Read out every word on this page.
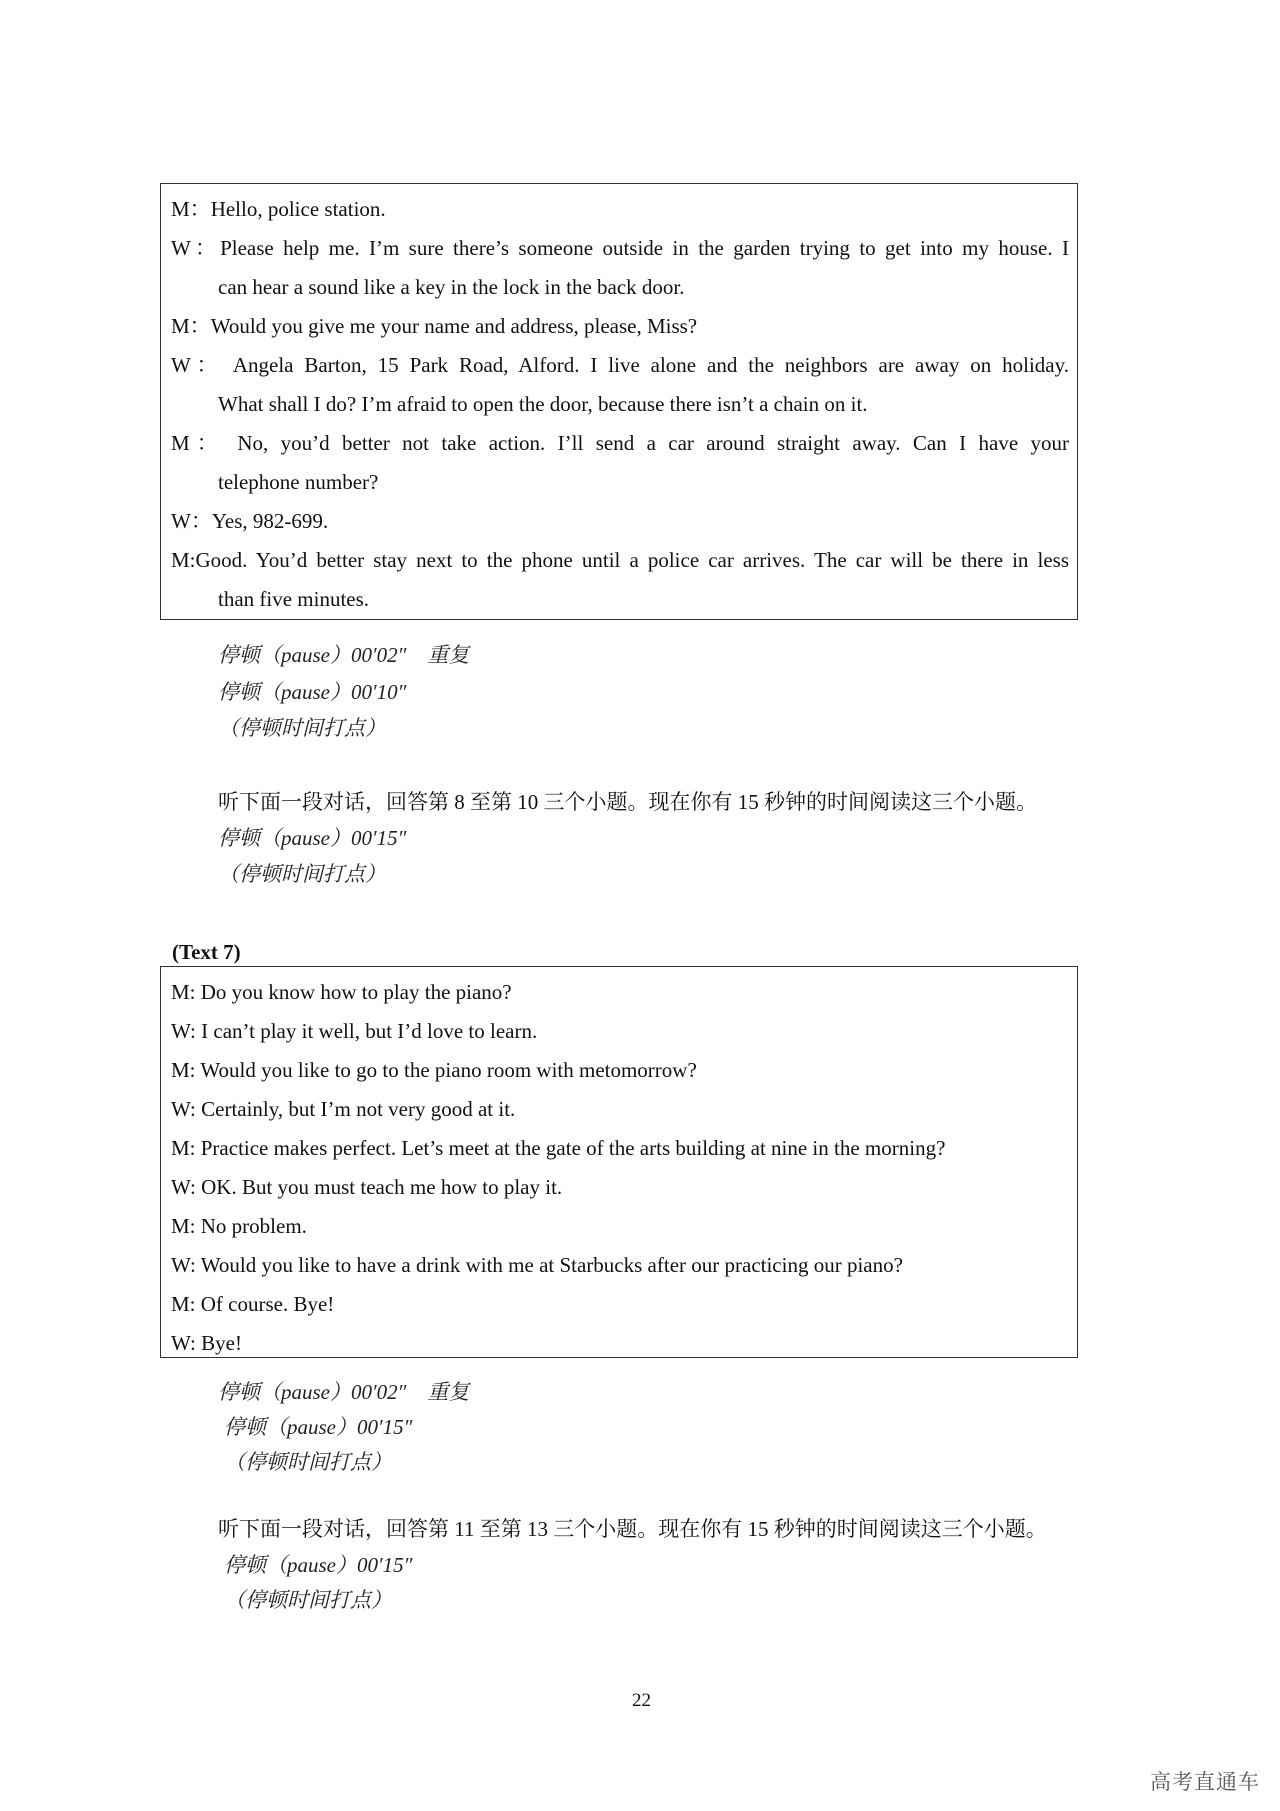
M：Hello, police station.
W：Please help me. I’m sure there’s someone outside in the garden trying to get into my house. I
can hear a sound like a key in the lock in the back door.
M：Would you give me your name and address, please, Miss?
W： Angela Barton, 15 Park Road, Alford. I live alone and the neighbors are away on holiday.
What shall I do? I’m afraid to open the door, because there isn’t a chain on it.
M： No, you’d better not take action. I’ll send a car around straight away. Can I have your
telephone number?
W：Yes, 982-699.
M:Good. You’d better stay next to the phone until a police car arrives. The car will be there in less
than five minutes.
停顿（pause）00′02″　重复
停顿（pause）00′10″
（停顿时间打点）
听下面一段对话，回答第 8 至第 10 三个小题。现在你有 15 秒钟的时间阅读这三个小题。
停顿（pause）00′15″
（停顿时间打点）
(Text 7)
M: Do you know how to play the piano?
W: I can’t play it well, but I’d love to learn.
M: Would you like to go to the piano room with metomorrow?
W: Certainly, but I’m not very good at it.
M: Practice makes perfect. Let’s meet at the gate of the arts building at nine in the morning?
W: OK. But you must teach me how to play it.
M: No problem.
W: Would you like to have a drink with me at Starbucks after our practicing our piano?
M: Of course. Bye!
W: Bye!
停顿（pause）00′02″　重复
停顿（pause）00′15″
（停顿时间打点）
听下面一段对话，回答第 11 至第 13 三个小题。现在你有 15 秒钟的时间阅读这三个小题。
停顿（pause）00′15″
（停顿时间打点）
22
高考直通车
